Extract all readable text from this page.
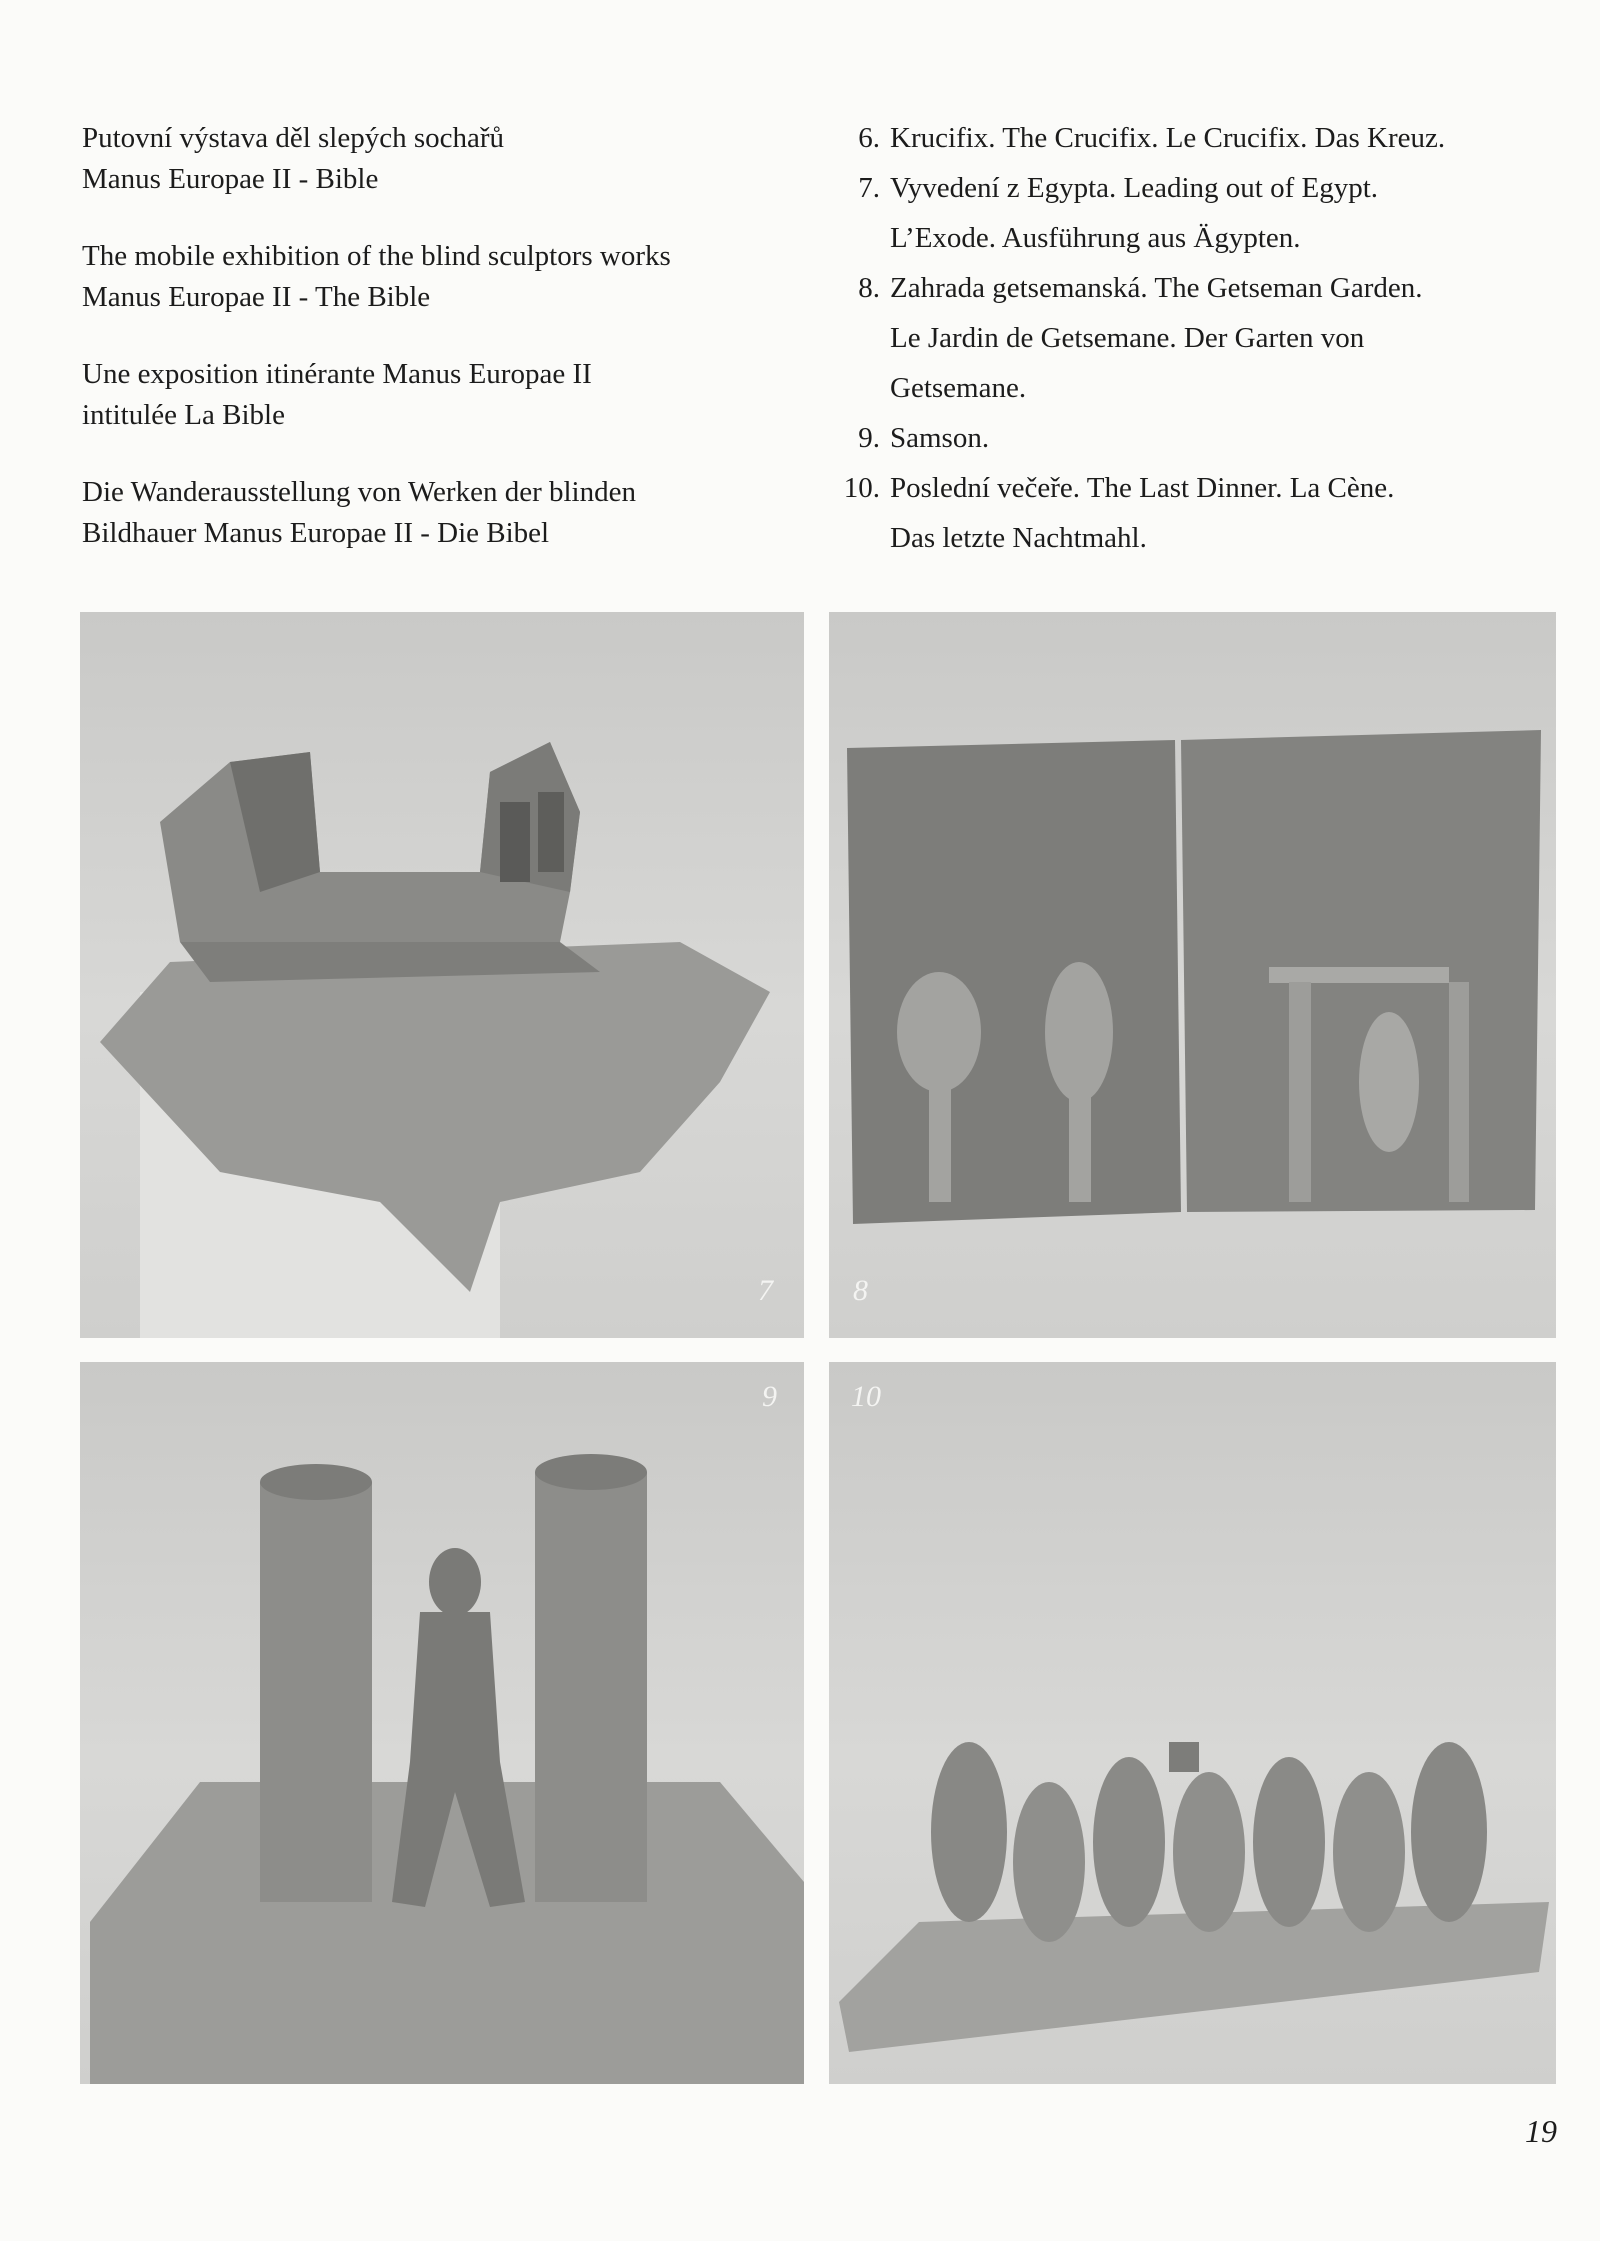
Putovní výstava děl slepých sochařů
Manus Europae II - Bible
The mobile exhibition of the blind sculptors works
Manus Europae II - The Bible
Une exposition itinérante Manus Europae II
intitulée La Bible
Die Wanderausstellung von Werken der blinden
Bildhauer Manus Europae II - Die Bibel
6. Krucifix. The Crucifix. Le Crucifix. Das Kreuz.
7. Vyvedení z Egypta. Leading out of Egypt.
L’Exode. Ausführung aus Ägypten.
8. Zahrada getsemanská. The Getseman Garden.
Le Jardin de Getsemane. Der Garten von
Getsemane.
9. Samson.
10. Poslední večeře. The Last Dinner. La Cène.
Das letzte Nachtmahl.
7	8
9 10
19
